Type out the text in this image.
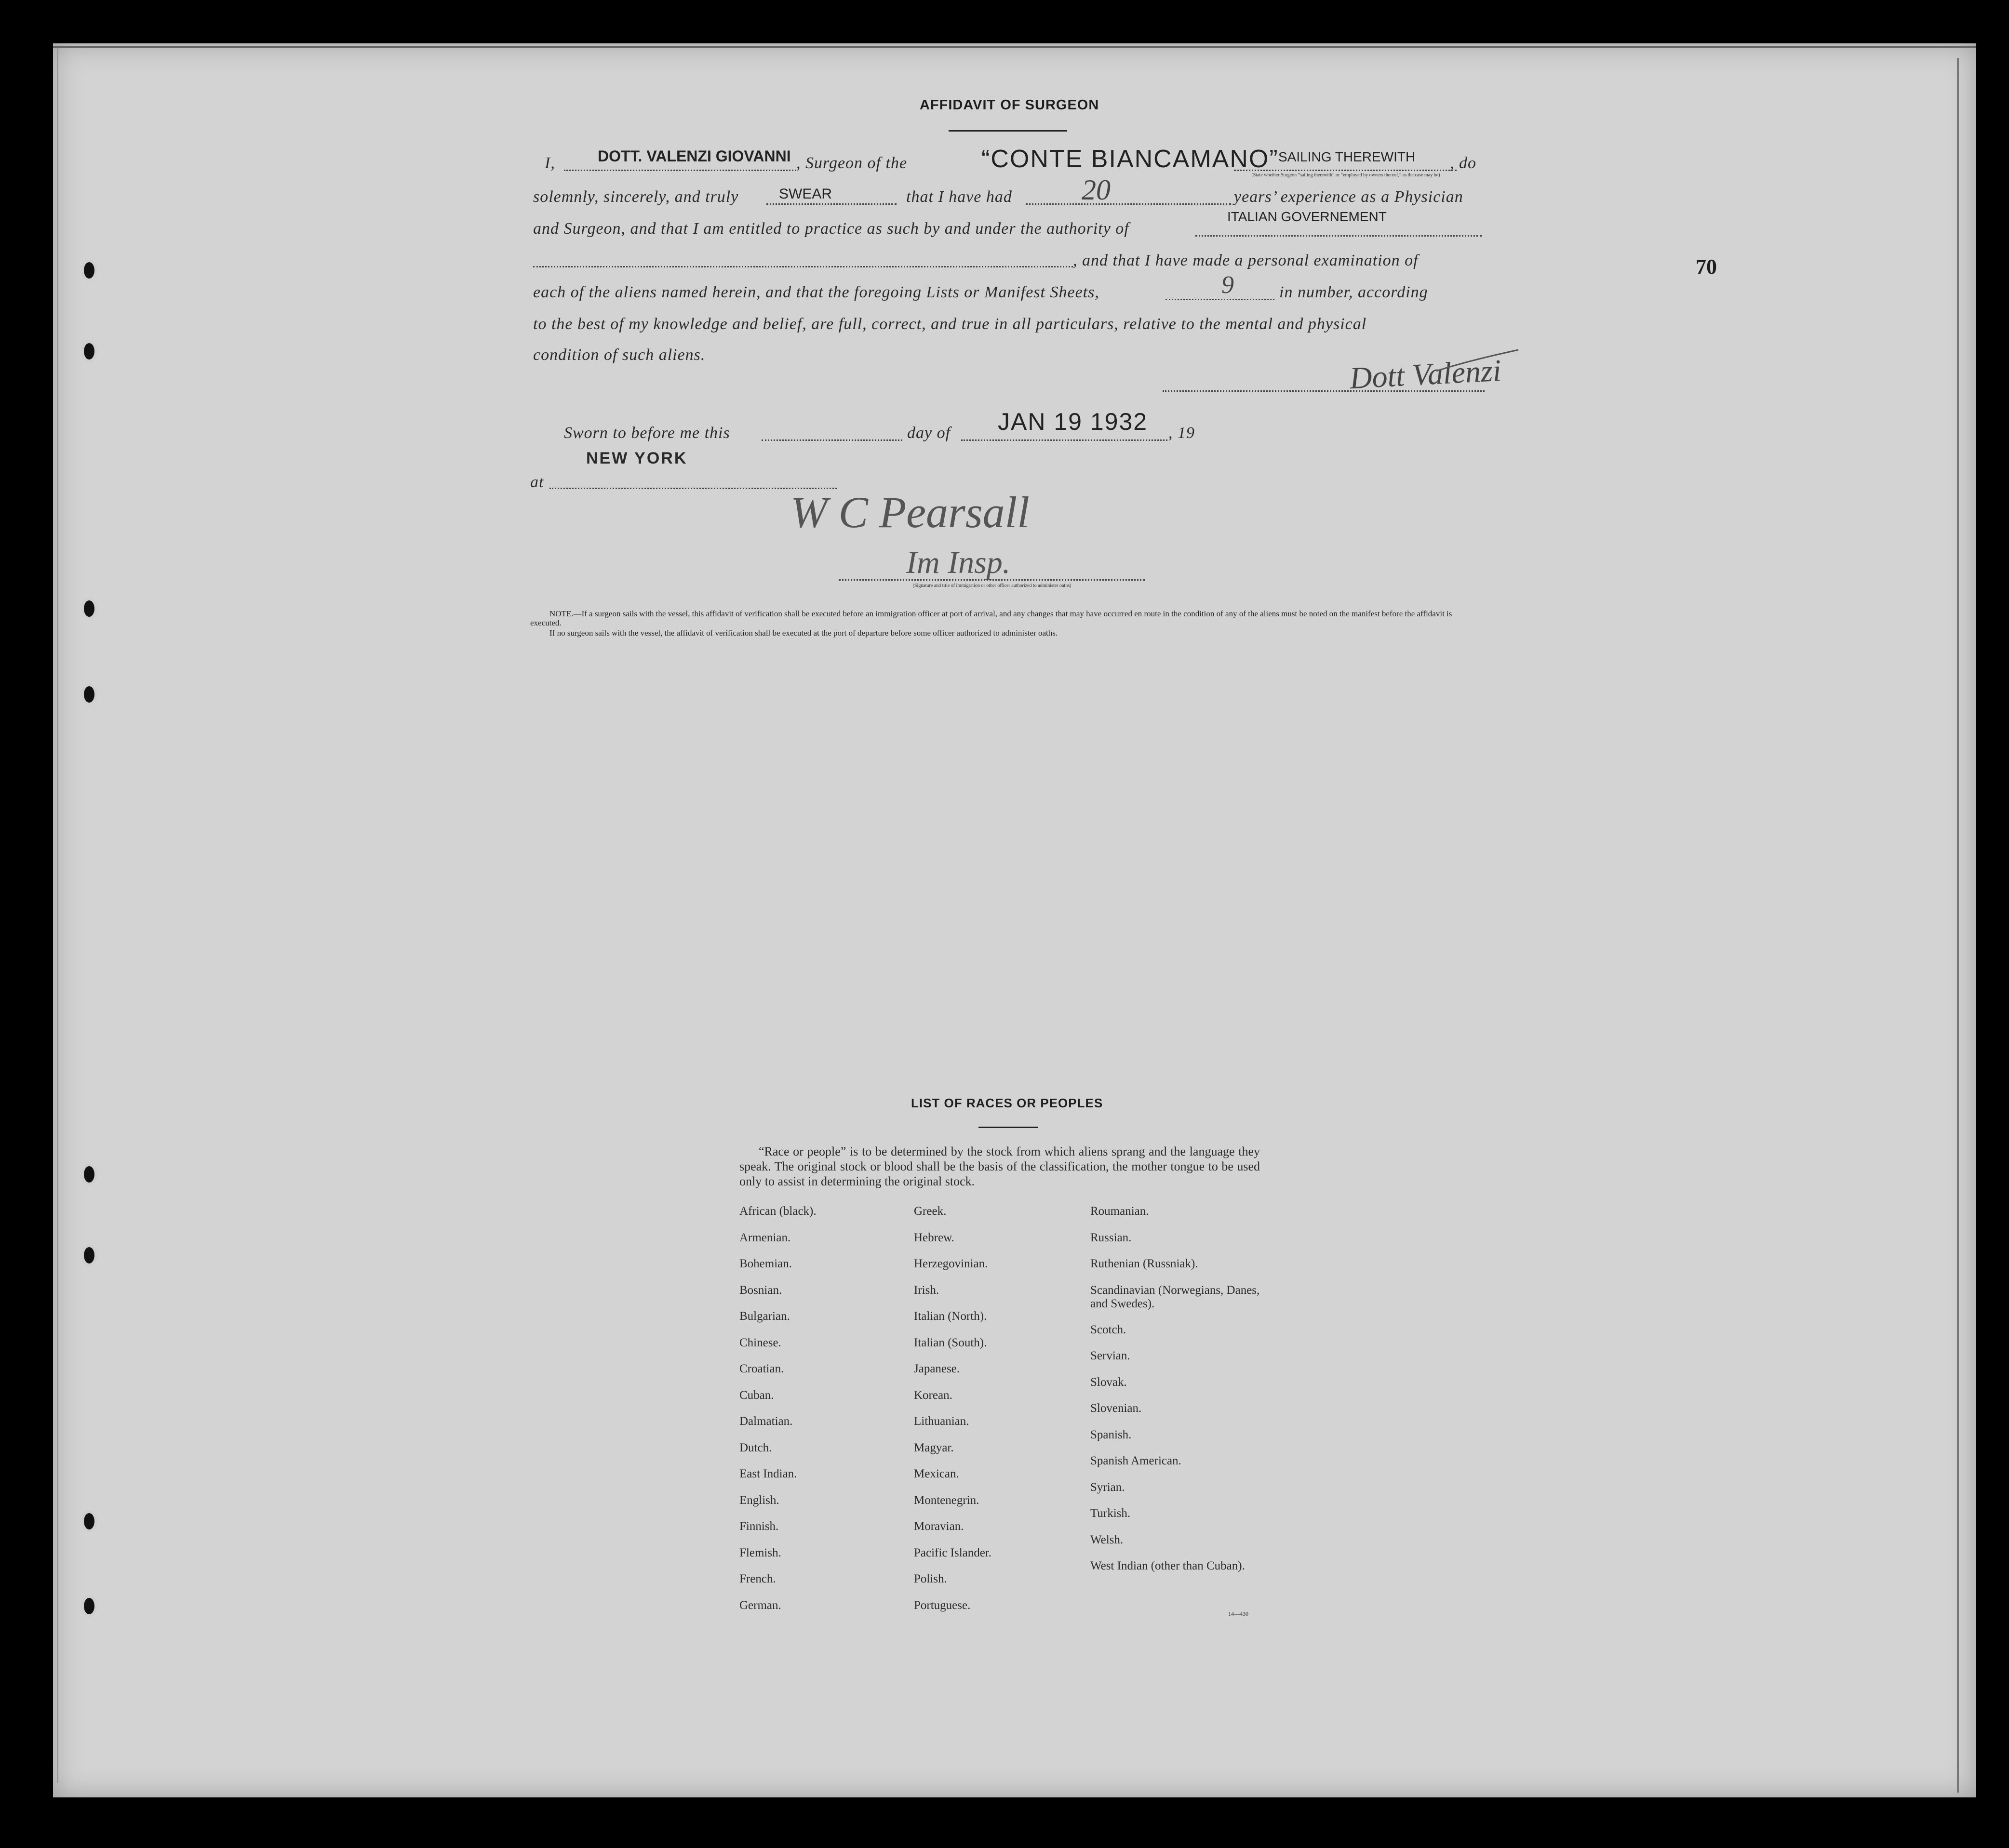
AFFIDAVIT OF SURGEON
I,	DOTT. VALENZI GIOVANNI , Surgeon of the	“CONTE BIANCAMANO” SAILING THEREWITH
(State whether Surgeon “sailing therewith” or “employed by owners thereof,” as the case may be)
, do
solemnly, sincerely, and truly	SWEAR	that I have had 20	years’ experience as a Physician
and Surgeon, and that I am entitled to practice as such by and under the authority of
ITALIAN GOVERNEMENT
, and that I have made a personal examination of
each of the aliens named herein, and that the foregoing Lists or Manifest Sheets,	9	in number, according
to the best of my knowledge and belief, are full, correct, and true in all particulars, relative to the mental and physical
condition of such aliens.	Dott Valenzi
Sworn to before me this	day of JAN 19 1932 , 19
NEW YORK
at
W C Pearsall
Im Insp.
(Signature and title of immigration or other officer authorized to administer oaths)
NOTE.—If a surgeon sails with the vessel, this affidavit of verification shall be executed before an immigration officer at port of arrival, and any changes that may have occurred en route in the condition of any of the aliens must be noted on the manifest before the affidavit is executed.
If no surgeon sails with the vessel, the affidavit of verification shall be executed at the port of departure before some officer authorized to administer oaths.
70
LIST OF RACES OR PEOPLES
“Race or people” is to be determined by the stock from which aliens sprang and the language they speak. The original stock or blood shall be the basis of the classification, the mother tongue to be used only to assist in determining the original stock.
African (black).
Armenian.
Bohemian.
Bosnian.
Bulgarian.
Chinese.
Croatian.
Cuban.
Dalmatian.
Dutch.
East Indian.
English.
Finnish.
Flemish.
French.
German.
Greek.
Hebrew.
Herzegovinian.
Irish.
Italian (North).
Italian (South).
Japanese.
Korean.
Lithuanian.
Magyar.
Mexican.
Montenegrin.
Moravian.
Pacific Islander.
Polish.
Portuguese.
Roumanian.
Russian.
Ruthenian (Russniak).
Scandinavian (Norwegians, Danes, and Swedes).
Scotch.
Servian.
Slovak.
Slovenian.
Spanish.
Spanish American.
Syrian.
Turkish.
Welsh.
West Indian (other than Cuban).
14—430
